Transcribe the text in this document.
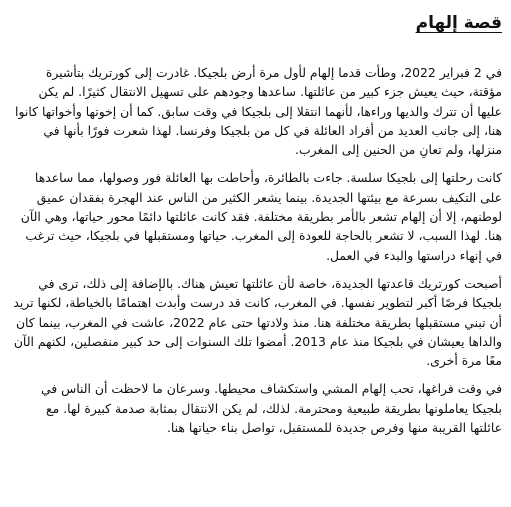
قصة إلهام

في 2 فبراير 2022، وطأت قدما إلهام لأول مرة أرض بلجيكا. غادرت إلى كورتريك بتأشيرة مؤقتة، حيث يعيش جزء كبير من عائلتها. ساعدها وجودهم على تسهيل الانتقال كثيرًا. لم يكن عليها أن تترك والديها وراءها، لأنهما انتقلا إلى بلجيكا في وقت سابق. كما أن إخوتها وأخواتها كانوا هنا، إلى جانب العديد من أفراد العائلة في كل من بلجيكا وفرنسا. لهذا شعرت فورًا بأنها في منزلها، ولم تعانِ من الحنين إلى المغرب.

كانت رحلتها إلى بلجيكا سلسة. جاءت بالطائرة، وأحاطت بها العائلة فور وصولها، مما ساعدها على التكيف بسرعة مع بيئتها الجديدة. بينما يشعر الكثير من الناس عند الهجرة بفقدان عميق لوطنهم، إلا أن إلهام تشعر بالأمر بطريقة مختلفة. فقد كانت عائلتها دائمًا محور حياتها، وهي الآن هنا. لهذا السبب، لا تشعر بالحاجة للعودة إلى المغرب. حياتها ومستقبلها في بلجيكا، حيث ترغب في إنهاء دراستها والبدء في العمل.

أصبحت كورتريك قاعدتها الجديدة، خاصة لأن عائلتها تعيش هناك. بالإضافة إلى ذلك، ترى في بلجيكا فرصًا أكبر لتطوير نفسها. في المغرب، كانت قد درست وأبدت اهتمامًا بالخياطة، لكنها تريد أن تبني مستقبلها بطريقة مختلفة هنا. منذ ولادتها حتى عام 2022، عاشت في المغرب، بينما كان والداها يعيشان في بلجيكا منذ عام 2013. أمضوا تلك السنوات إلى حد كبير منفصلين، لكنهم الآن معًا مرة أخرى.

في وقت فراغها، تحب إلهام المشي واستكشاف محيطها. وسرعان ما لاحظت أن الناس في بلجيكا يعاملونها بطريقة طبيعية ومحترمة. لذلك، لم يكن الانتقال بمثابة صدمة كبيرة لها. مع عائلتها القريبة منها وفرص جديدة للمستقبل، تواصل بناء حياتها هنا.
